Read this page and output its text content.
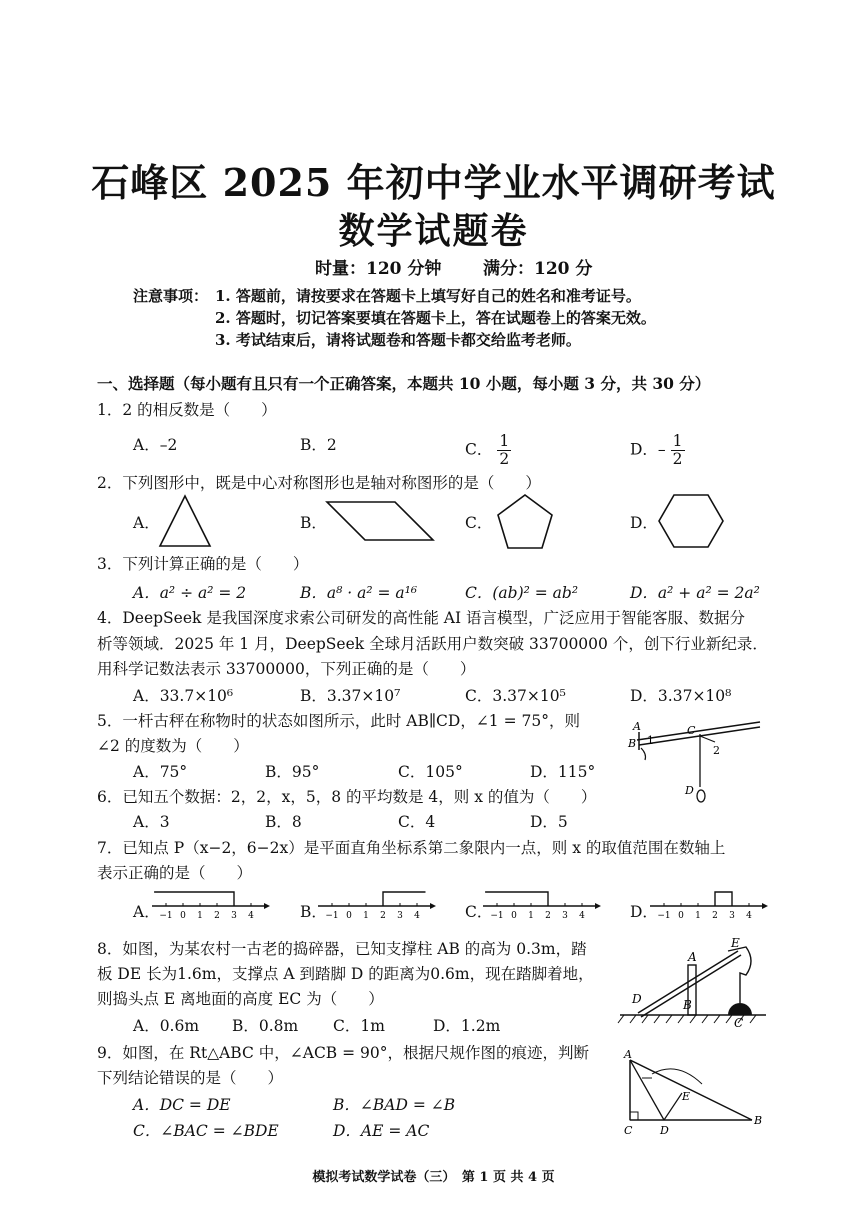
石峰区 2025 年初中学业水平调研考试
数学试题卷
时量：120 分钟 满分：120 分
注意事项： 1. 答题前，请按要求在答题卡上填写好自己的姓名和准考证号。
2. 答题时，切记答案要填在答题卡上，答在试题卷上的答案无效。
3. 考试结束后，请将试题卷和答题卡都交给监考老师。
一、选择题（每小题有且只有一个正确答案，本题共 10 小题，每小题 3 分，共 30 分）
1．2 的相反数是（　　）
A．–2	B．2	C． $\frac{1}{2}$	D．– $\frac{1}{2}$
2．下列图形中，既是中心对称图形也是轴对称图形的是（　　）
A．	B．	C．	D．
3．下列计算正确的是（　　）
A．a² ÷ a² = 2	B．a⁸ · a² = a¹⁶	C．(ab)² = ab²	D．a² + a² = 2a²
4．DeepSeek 是我国深度求索公司研发的高性能 AI 语言模型，广泛应用于智能客服、数据分
析等领域．2025 年 1 月，DeepSeek 全球月活跃用户数突破 33700000 个，创下行业新纪录．
用科学记数法表示 33700000，下列正确的是（　　）
A．33.7×10⁶	B．3.37×10⁷	C．3.37×10⁵	D．3.37×10⁸
5．一杆古秤在称物时的状态如图所示，此时 AB∥CD，∠1 = 75°，则
∠2 的度数为（　　）
A．75°	B．95°	C．105°	D．115°
A
B 1
C
2
D
6．已知五个数据：2，2，x，5，8 的平均数是 4，则 x 的值为（　　）
A．3	B．8	C．4	D．5
7．已知点 P（x−2，6−2x）是平面直角坐标系第二象限内一点，则 x 的取值范围在数轴上
表示正确的是（　　）
A．	B．	C．	D．
−1 0 1 2 3 4	−1 0 1 2 3 4	−1 0 1 2 3 4	−1 0 1 2 3 4
8．如图，为某农村一古老的捣碎器，已知支撑柱 AB 的高为 0.3m，踏
板 DE 长为1.6m，支撑点 A 到踏脚 D 的距离为0.6m，现在踏脚着地，
则捣头点 E 离地面的高度 EC 为（　　）
A．0.6m B．0.8m C．1m	D．1.2m
E
A
B
D
C
9．如图，在 Rt△ABC 中，∠ACB = 90°，根据尺规作图的痕迹，判断
下列结论错误的是（　　）
A．DC = DE	B．∠BAD = ∠B
C．∠BAC = ∠BDE	D．AE = AC
A
C	D
E
B
模拟考试数学试卷（三）　第 1 页 共 4 页
